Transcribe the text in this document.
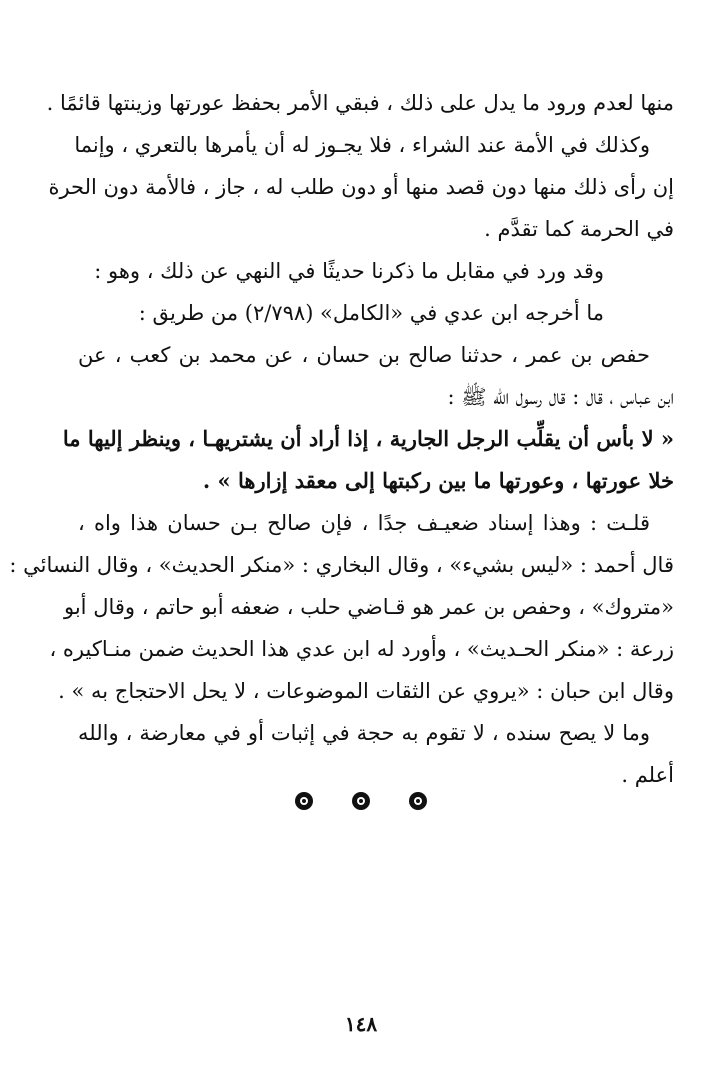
منها لعدم ورود ما يدل على ذلك ، فبقي الأمر بحفظ عورتها وزينتها قائمًا .
وكذلك في الأمة عند الشراء ، فلا يجـوز له أن يأمرها بالتعري ، وإنما
إن رأى ذلك منها دون قصد منها أو دون طلب له ، جاز ، فالأمة دون الحرة
في الحرمة كما تقدَّم .
وقد ورد في مقابل ما ذكرنا حديثًا في النهي عن ذلك ، وهو :
ما أخرجه ابن عدي في «الكامل» (٢/٧٩٨) من طريق :
حفص بن عمر ، حدثنا صالح بن حسان ، عن محمد بن كعب ، عن
ابن عباس ، قال : قال رسول الله ﷺ :
« لا بأس أن يقلِّب الرجل الجارية ، إذا أراد أن يشتريهـا ، وينظر إليها ما
خلا عورتها ، وعورتها ما بين ركبتها إلى معقد إزارها » .
قلـت : وهذا إسناد ضعيـف جدًا ، فإن صالح بـن حسان هذا واه ،
قال أحمد : «ليس بشيء» ، وقال البخاري : «منكر الحديث» ، وقال النسائي :
«متروك» ، وحفص بن عمر هو قـاضي حلب ، ضعفه أبو حاتم ، وقال أبو
زرعة : «منكر الحـديث» ، وأورد له ابن عدي هذا الحديث ضمن منـاكيره ،
وقال ابن حبان : «يروي عن الثقات الموضوعات ، لا يحل الاحتجاج به » .
وما لا يصح سنده ، لا تقوم به حجة في إثبات أو في معارضة ، والله
أعلم .

١٤٨
